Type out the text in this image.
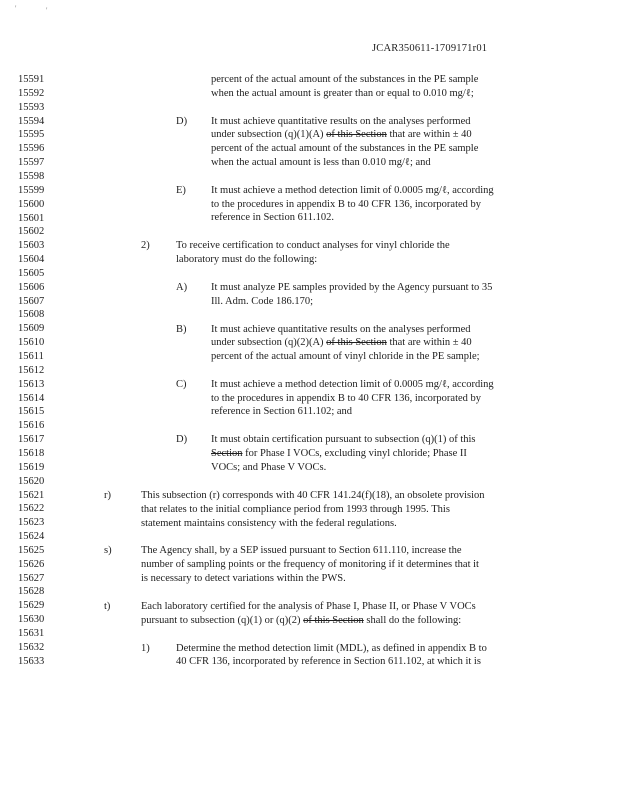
'	'
JCAR350611-1709171r01
15591
15592
15593
15594
15595
15596
15597
15598
15599
15600
15601
15602
15603
15604
15605
15606
15607
15608
15609
15610
15611
15612
15613
15614
15615
15616
15617
15618
15619
15620
15621
15622
15623
15624
15625
15626
15627
15628
15629
15630
15631
15632
15633
percent of the actual amount of the substances in the PE sample
when the actual amount is greater than or equal to 0.010 mg/ℓ;
D) It must achieve quantitative results on the analyses performed
under subsection (q)(1)(A) of this Section that are within ± 40
percent of the actual amount of the substances in the PE sample
when the actual amount is less than 0.010 mg/ℓ; and
E) It must achieve a method detection limit of 0.0005 mg/ℓ, according
to the procedures in appendix B to 40 CFR 136, incorporated by
reference in Section 611.102.
2)	To receive certification to conduct analyses for vinyl chloride the
laboratory must do the following:
A) It must analyze PE samples provided by the Agency pursuant to 35
Ill. Adm. Code 186.170;
B) It must achieve quantitative results on the analyses performed
under subsection (q)(2)(A) of this Section that are within ± 40
percent of the actual amount of vinyl chloride in the PE sample;
C) It must achieve a method detection limit of 0.0005 mg/ℓ, according
to the procedures in appendix B to 40 CFR 136, incorporated by
reference in Section 611.102; and
D) It must obtain certification pursuant to subsection (q)(1) of this
Section for Phase I VOCs, excluding vinyl chloride; Phase II
VOCs; and Phase V VOCs.
r)	This subsection (r) corresponds with 40 CFR 141.24(f)(18), an obsolete provision
that relates to the initial compliance period from 1993 through 1995. This
statement maintains consistency with the federal regulations.
s)	The Agency shall, by a SEP issued pursuant to Section 611.110, increase the
number of sampling points or the frequency of monitoring if it determines that it
is necessary to detect variations within the PWS.
t)	Each laboratory certified for the analysis of Phase I, Phase II, or Phase V VOCs
pursuant to subsection (q)(1) or (q)(2) of this Section shall do the following:
1)	Determine the method detection limit (MDL), as defined in appendix B to
40 CFR 136, incorporated by reference in Section 611.102, at which it is
